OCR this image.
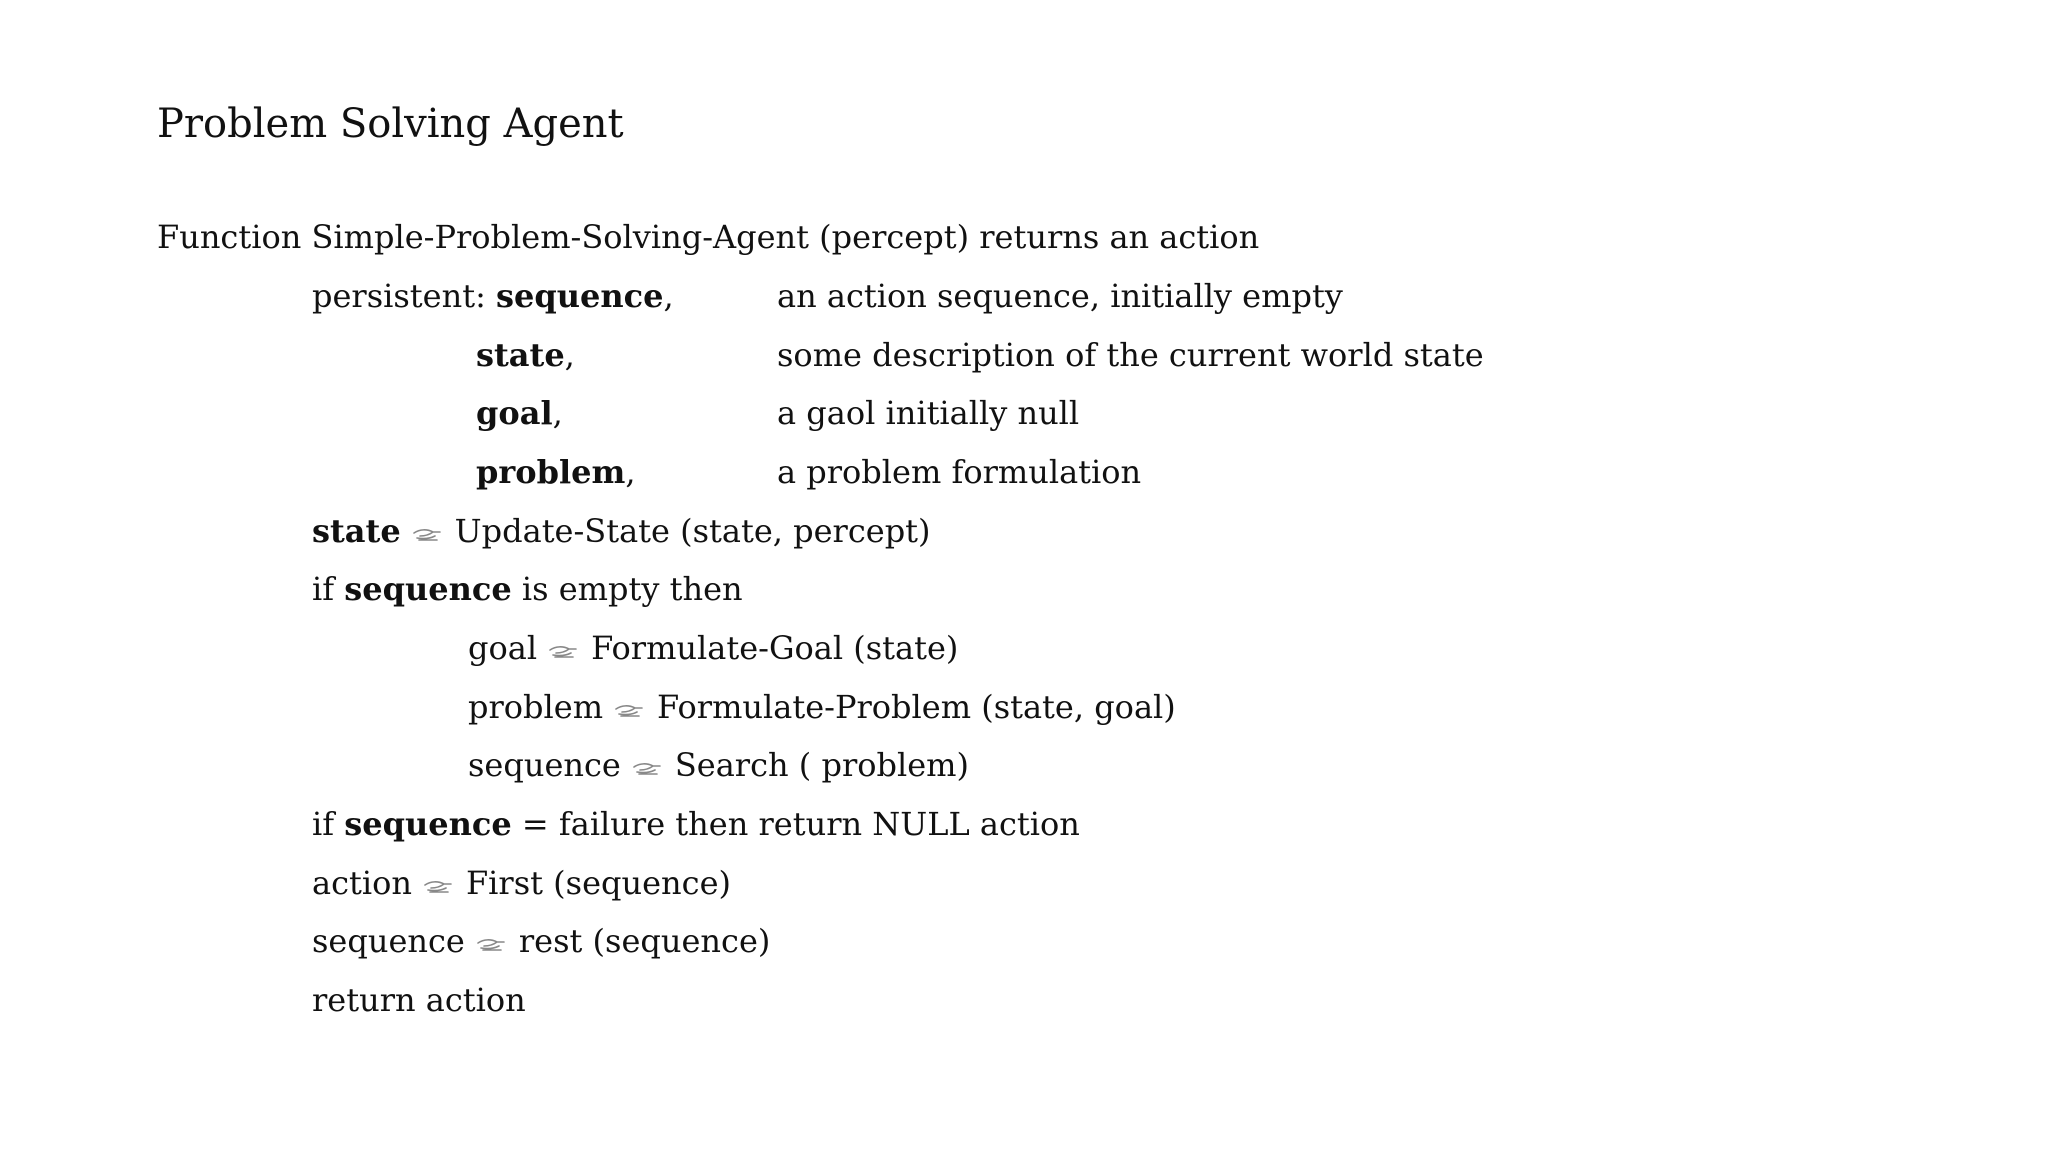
Problem Solving Agent
Function Simple-Problem-Solving-Agent (percept) returns an action
persistent: sequence,	an action sequence, initially empty
state,	some description of the current world state
goal,	a gaol initially null
problem,	a problem formulation
state Update-State (state, percept)
if sequence is empty then
goal Formulate-Goal (state)
problem Formulate-Problem (state, goal)
sequence Search ( problem)
if sequence = failure then return NULL action
action First (sequence)
sequence rest (sequence)
return action
